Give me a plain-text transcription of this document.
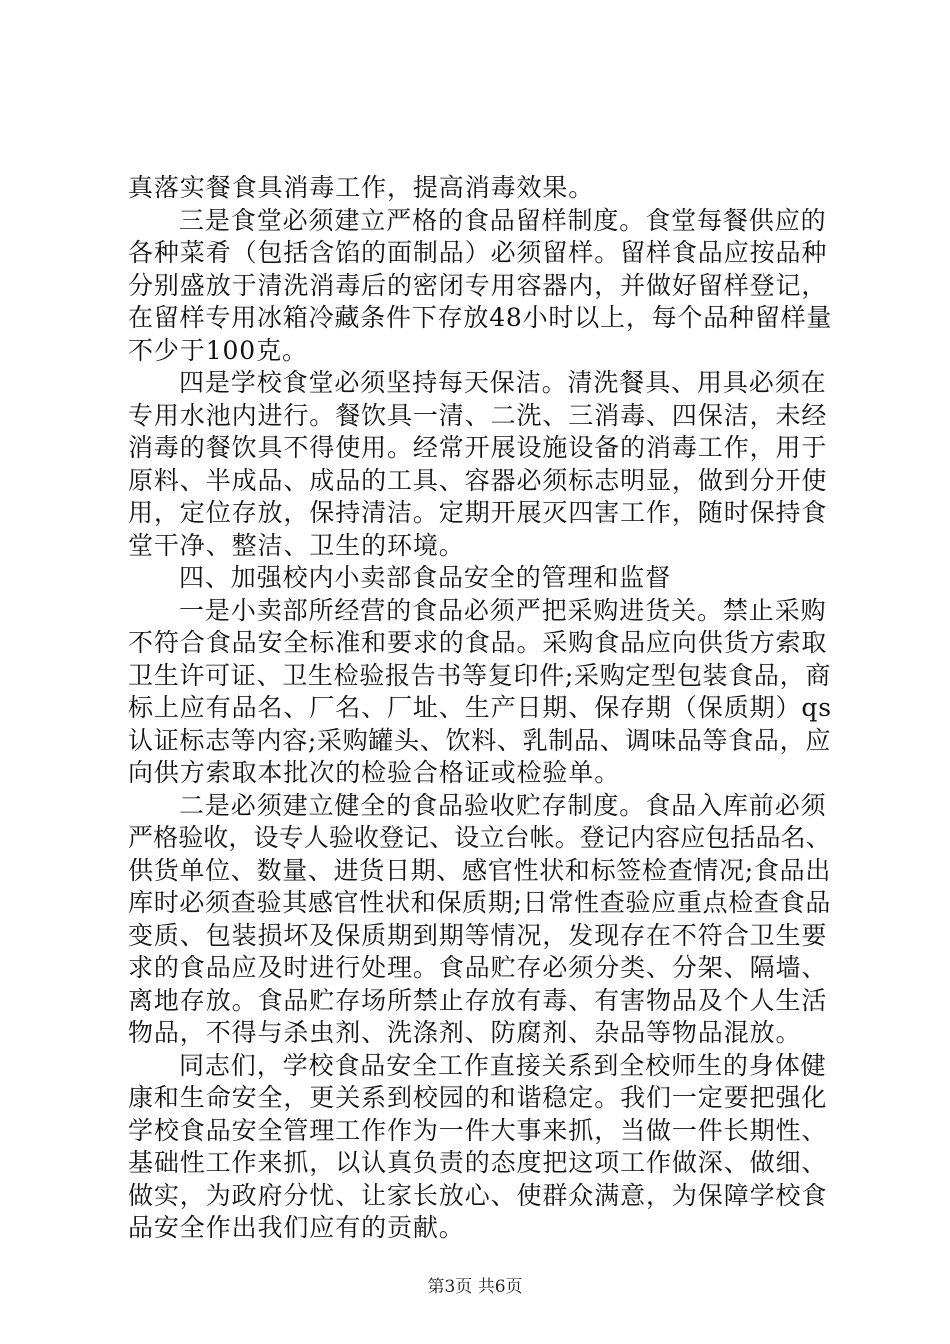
真落实餐食具消毒工作，提高消毒效果。
三是食堂必须建立严格的食品留样制度。食堂每餐供应的
各种菜肴（包括含馅的面制品）必须留样。留样食品应按品种
分别盛放于清洗消毒后的密闭专用容器内，并做好留样登记，
在留样专用冰箱冷藏条件下存放48小时以上，每个品种留样量
不少于100克。
四是学校食堂必须坚持每天保洁。清洗餐具、用具必须在
专用水池内进行。餐饮具一清、二洗、三消毒、四保洁，未经
消毒的餐饮具不得使用。经常开展设施设备的消毒工作，用于
原料、半成品、成品的工具、容器必须标志明显，做到分开使
用，定位存放，保持清洁。定期开展灭四害工作，随时保持食
堂干净、整洁、卫生的环境。
四、加强校内小卖部食品安全的管理和监督
一是小卖部所经营的食品必须严把采购进货关。禁止采购
不符合食品安全标准和要求的食品。采购食品应向供货方索取
卫生许可证、卫生检验报告书等复印件;采购定型包装食品，商
标上应有品名、厂名、厂址、生产日期、保存期（保质期）qs
认证标志等内容;采购罐头、饮料、乳制品、调味品等食品，应
向供方索取本批次的检验合格证或检验单。
二是必须建立健全的食品验收贮存制度。食品入库前必须
严格验收，设专人验收登记、设立台帐。登记内容应包括品名、
供货单位、数量、进货日期、感官性状和标签检查情况;食品出
库时必须查验其感官性状和保质期;日常性查验应重点检查食品
变质、包装损坏及保质期到期等情况，发现存在不符合卫生要
求的食品应及时进行处理。食品贮存必须分类、分架、隔墙、
离地存放。食品贮存场所禁止存放有毒、有害物品及个人生活
物品，不得与杀虫剂、洗涤剂、防腐剂、杂品等物品混放。
同志们，学校食品安全工作直接关系到全校师生的身体健
康和生命安全，更关系到校园的和谐稳定。我们一定要把强化
学校食品安全管理工作作为一件大事来抓，当做一件长期性、
基础性工作来抓，以认真负责的态度把这项工作做深、做细、
做实，为政府分忧、让家长放心、使群众满意，为保障学校食
品安全作出我们应有的贡献。
第3页 共6页
